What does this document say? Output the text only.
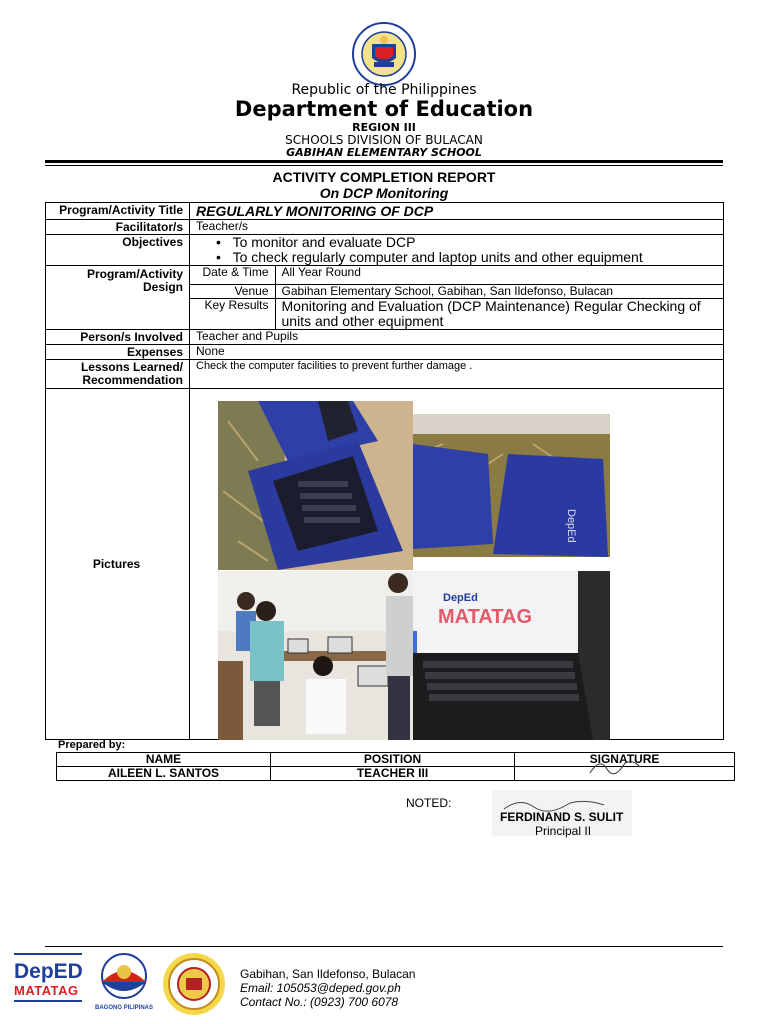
Republic of the Philippines
Department of Education
REGION III
SCHOOLS DIVISION OF BULACAN
GABIHAN ELEMENTARY SCHOOL
ACTIVITY COMPLETION REPORT
On DCP Monitoring
Program/Activity Title	REGULARLY MONITORING OF DCP
Facilitator/s	Teacher/s
Objectives	•   To monitor and evaluate DCP
•   To check regularly computer and laptop units and other equipment

Program/Activity Design	
Date & Time	All Year Round
Venue	Gabihan Elementary School, Gabihan, San Ildefonso, Bulacan
Key Results	Monitoring and Evaluation (DCP Maintenance) Regular Checking of units and other equipment

Person/s Involved	Teacher and Pupils
Expenses	None
Lessons Learned/ Recommendation	Check the computer facilities to prevent further damage .
Pictures	
DepEd
DepEd
MATATAG
Prepared by:
NAME	POSITION	SIGNATURE
AILEEN L. SANTOS	TEACHER III	
NOTED:
FERDINAND S. SULIT
Principal II
DepED
MATATAG
BAGONG PILIPINAS
Gabihan, San Ildefonso, Bulacan
Email: 105053@deped.gov.ph
Contact No.: (0923) 700 6078
